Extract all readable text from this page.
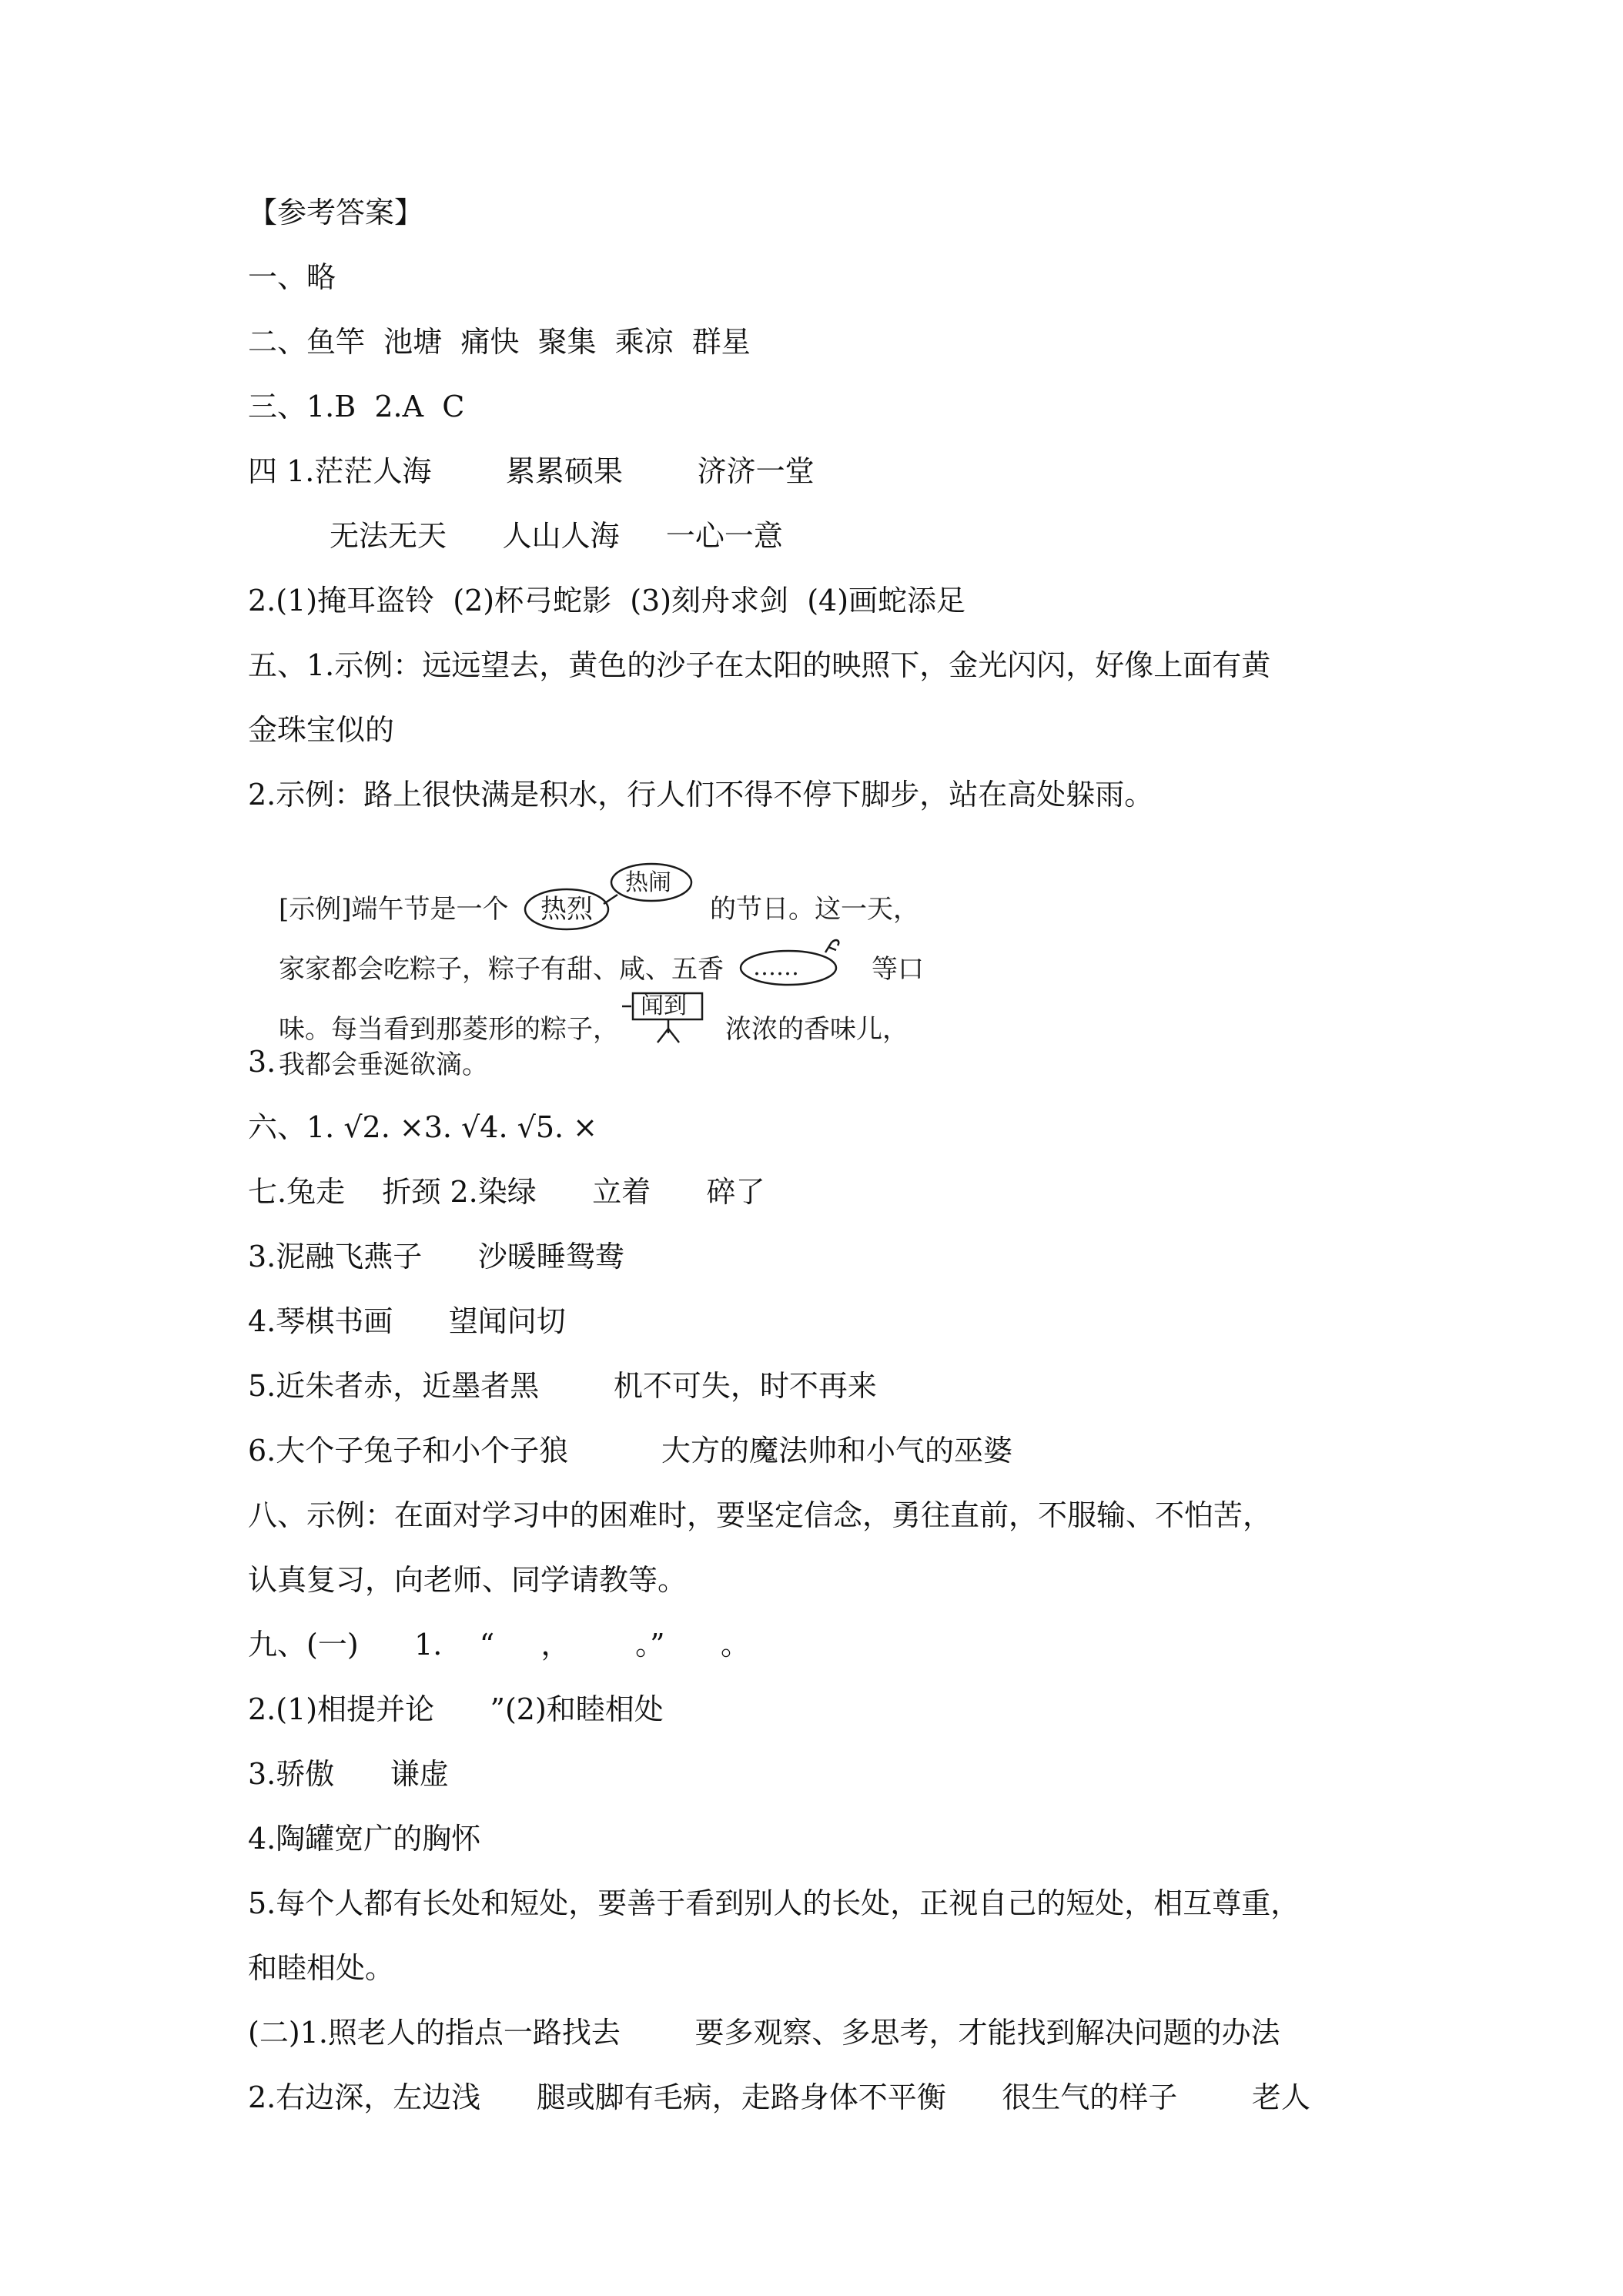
【参考答案】
一、略
二、鱼竿  池塘  痛快  聚集  乘凉  群星
三、1.B  2.A  C
四 1.茫茫人海        累累硕果        济济一堂
无法无天      人山人海     一心一意
2.(1)掩耳盗铃  (2)杯弓蛇影  (3)刻舟求剑  (4)画蛇添足
五、1.示例：远远望去，黄色的沙子在太阳的映照下，金光闪闪，好像上面有黄
金珠宝似的
2.示例：路上很快满是积水，行人们不得不停下脚步，站在高处躲雨。
[示例]端午节是一个 热烈
热闹
的节日。这一天，
家家都会吃粽子，粽子有甜、咸、五香 ……	等口
味。每当看到那菱形的粽子，
闻到
浓浓的香味儿，
我都会垂涎欲滴。
3.
六、1. √2. ×3. √4. √5. ×
七.兔走    折颈 2.染绿      立着      碎了
3.泥融飞燕子      沙暖睡鸳鸯
4.琴棋书画      望闻问切
5.近朱者赤，近墨者黑        机不可失，时不再来
6.大个子兔子和小个子狼          大方的魔法帅和小气的巫婆
八、示例：在面对学习中的困难时，要坚定信念，勇往直前，不服输、不怕苦，
认真复习，向老师、同学请教等。
九、(一)      1.    “     ，       。”      。
2.(1)相提并论      ”(2)和睦相处
3.骄傲      谦虚
4.陶罐宽广的胸怀
5.每个人都有长处和短处，要善于看到别人的长处，正视自己的短处，相互尊重，
和睦相处。
(二)1.照老人的指点一路找去        要多观察、多思考，才能找到解决问题的办法
2.右边深，左边浅      腿或脚有毛病，走路身体不平衡      很生气的样子        老人
